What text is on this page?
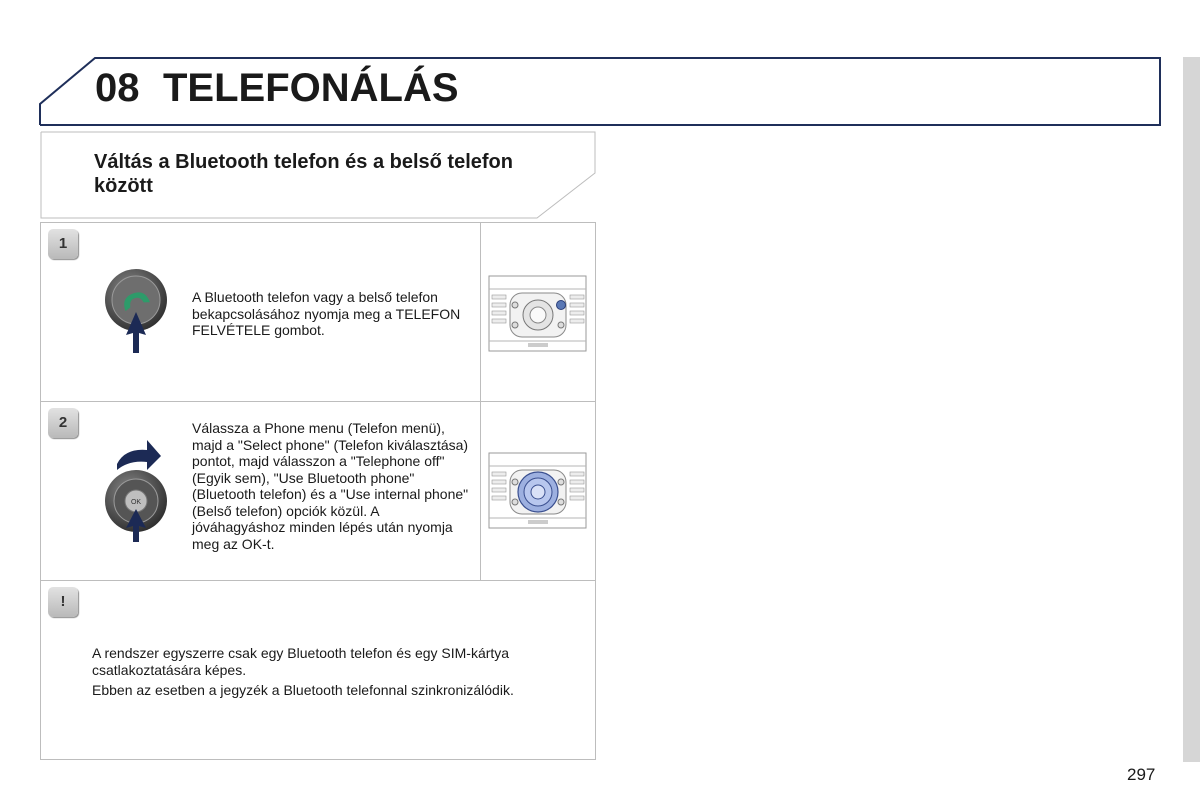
08 TELEFONÁLÁS
Váltás a Bluetooth telefon és a belső telefon között
1
A Bluetooth telefon vagy a belső telefon bekapcsolásához nyomja meg a TELEFON FELVÉTELE gombot.
2
OK
Válassza a Phone menu (Telefon menü), majd a "Select phone" (Telefon kiválasztása) pontot, majd válasszon a "Telephone off" (Egyik sem), "Use Bluetooth phone" (Bluetooth telefon) és a "Use internal phone" (Belső telefon) opciók közül. A jóváhagyáshoz minden lépés után nyomja meg az OK-t.
!

A rendszer egyszerre csak egy Bluetooth telefon és egy SIM-kártya csatlakoztatására képes.

Ebben az esetben a jegyzék a Bluetooth telefonnal szinkronizálódik.

297
